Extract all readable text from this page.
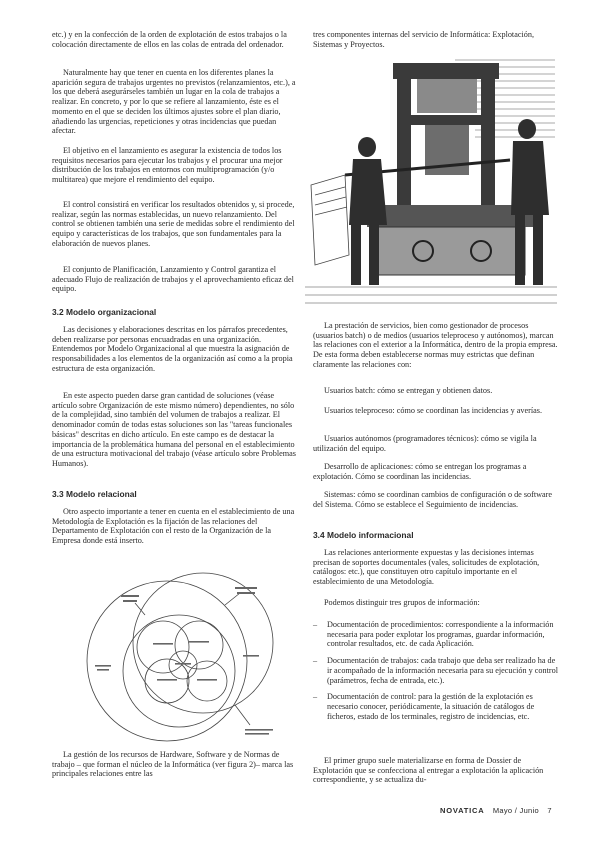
etc.) y en la confección de la orden de explotación de estos trabajos o la colocación directamente de ellos en las colas de entrada del ordenador.

Naturalmente hay que tener en cuenta en los diferentes planes la aparición segura de trabajos urgentes no previstos (relanzamientos, etc.), a los que deberá asegurárseles también un lugar en la cola de trabajos a realizar. En concreto, y por lo que se refiere al lanzamiento, éste es el momento en el que se deciden los últimos ajustes sobre el plan diario, añadiendo las urgencias, repeticiones y otras incidencias que puedan afectar.

El objetivo en el lanzamiento es asegurar la existencia de todos los requisitos necesarios para ejecutar los trabajos y el procurar una mejor distribución de los trabajos en entornos con multiprogramación (y/o multitarea) que mejore el rendimiento del equipo.

El control consistirá en verificar los resultados obtenidos y, si procede, realizar, según las normas establecidas, un nuevo relanzamiento. Del control se obtienen también una serie de medidas sobre el rendimiento del equipo y características de los trabajos, que son fundamentales para la elaboración de nuevos planes.

El conjunto de Planificación, Lanzamiento y Control garantiza el adecuado Flujo de realización de trabajos y el aprovechamiento eficaz del equipo.

3.2 Modelo organizacional

Las decisiones y elaboraciones descritas en los párrafos precedentes, deben realizarse por personas encuadradas en una organización. Entendemos por Modelo Organizacional al que muestra la asignación de responsabilidades a los elementos de la organización así como a la propia estructura de esta organización.

En este aspecto pueden darse gran cantidad de soluciones (véase artículo sobre Organización de este mismo número) dependientes, no sólo de la complejidad, sino también del volumen de trabajos a realizar. El denominador común de todas estas soluciones son las "tareas funcionales básicas" descritas en dicho artículo. En este campo es de destacar la importancia de la problemática humana del personal en el establecimiento de una estructura motivacional del trabajo (véase artículo sobre Problemas Humanos).

3.3 Modelo relacional

Otro aspecto importante a tener en cuenta en el establecimiento de una Metodología de Explotación es la fijación de las relaciones del Departamento de Explotación con el resto de la Organización de la Empresa donde está inserto.

La gestión de los recursos de Hardware, Software y de Normas de trabajo – que forman el núcleo de la Informática (ver figura 2)– marca las principales relaciones entre las

tres componentes internas del servicio de Informática: Explotación, Sistemas y Proyectos.

La prestación de servicios, bien como gestionador de procesos (usuarios batch) o de medios (usuarios teleproceso y autónomos), marcan las relaciones con el exterior a la Informática, dentro de la propia empresa. De esta forma deben establecerse normas muy estrictas que definan claramente las relaciones con:

Usuarios batch: cómo se entregan y obtienen datos.

Usuarios teleproceso: cómo se coordinan las incidencias y averías.

Usuarios autónomos (programadores técnicos): cómo se vigila la utilización del equipo.

Desarrollo de aplicaciones: cómo se entregan los programas a explotación. Cómo se coordinan las incidencias.

Sistemas: cómo se coordinan cambios de configuración o de software del Sistema. Cómo se establece el Seguimiento de incidencias.

3.4 Modelo informacional

Las relaciones anteriormente expuestas y las decisiones internas precisan de soportes documentales (vales, solicitudes de explotación, catálogos: etc.), que constituyen otro capítulo importante en el establecimiento de una Metodología.

Podemos distinguir tres grupos de información:

– Documentación de procedimientos: correspondiente a la información necesaria para poder explotar los programas, guardar información, controlar resultados, etc. de cada Aplicación.
– Documentación de trabajos: cada trabajo que deba ser realizado ha de ir acompañado de la información necesaria para su ejecución y control (parámetros, fecha de entrada, etc.).
– Documentación de control: para la gestión de la explotación es necesario conocer, periódicamente, la situación de catálogos de ficheros, estado de los terminales, registro de incidencias, etc.

El primer grupo suele materializarse en forma de Dossier de Explotación que se confecciona al entregar a explotación la aplicación correspondiente, y se actualiza du-

NOVATICA Mayo / Junio 7
